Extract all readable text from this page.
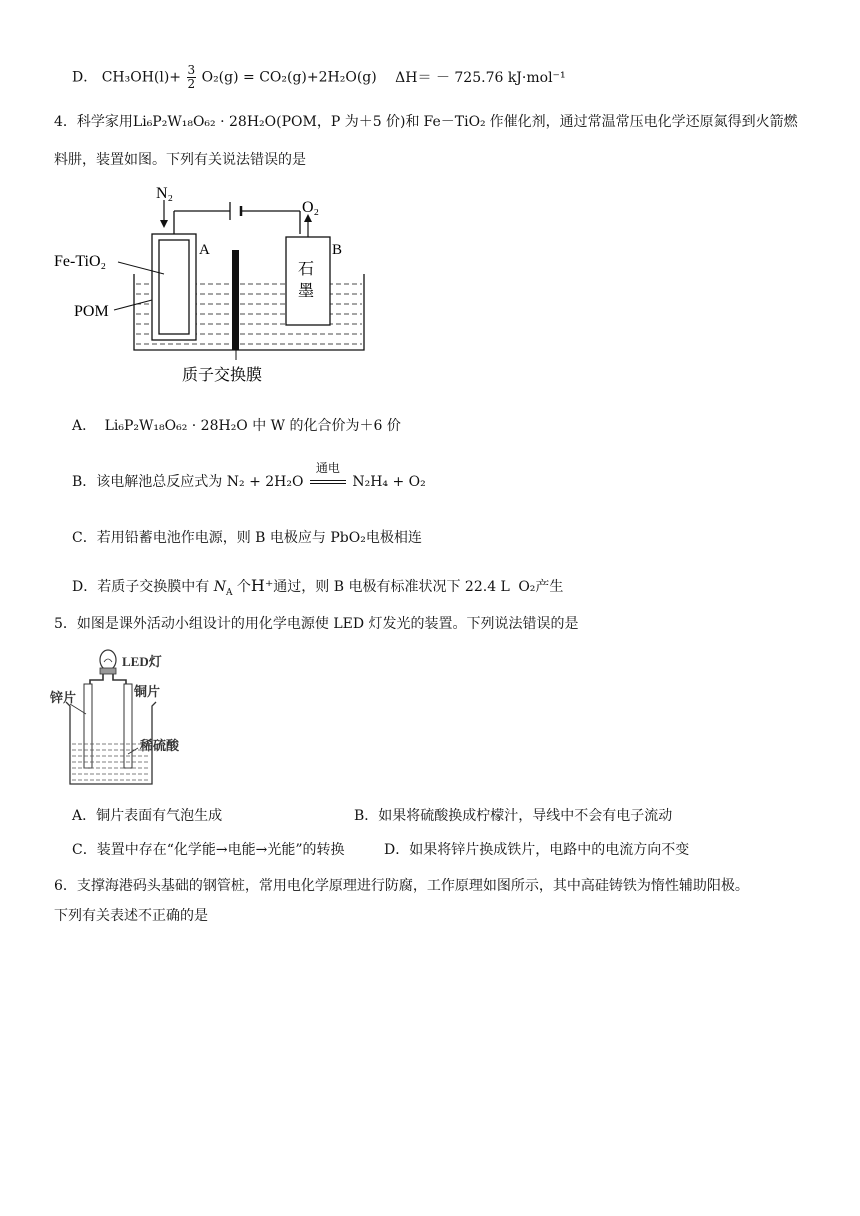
D． $CH_3OH(l)+ \frac{3}{2} O_2(g) = CO_2(g)+2H_2O(g) \Delta H= - 725.76$ kJ·mol⁻¹
4．科学家用Li₆P₂W₁₈O₆₂ · 28H₂O(POM，P 为＋5 价)和 Fe－TiO₂ 作催化剂，通过常温常压电化学还原氮得到火箭燃
料肼，装置如图。下列有关说法错误的是
N₂
O₂
A	B
石
墨
Fe-TiO₂
POM
质子交换膜
A． Li₆P₂W₁₈O₆₂ · 28H₂O 中 W 的化合价为＋6 价
B．该电解池总反应式为 N₂ + 2H₂O
通电
N₂H₄ + O₂
C．若用铅蓄电池作电源，则 B 电极应与 PbO₂电极相连
D．若质子交换膜中有 $N_A$ 个H⁺通过，则 B 电极有标准状况下 22.4 L O₂产生
5．如图是课外活动小组设计的用化学电源使 LED 灯发光的装置。下列说法错误的是
LED灯
锌片	铜片
稀硫酸
A．铜片表面有气泡生成	B．如果将硫酸换成柠檬汁，导线中不会有电子流动
C．装置中存在“化学能→电能→光能”的转换	D．如果将锌片换成铁片，电路中的电流方向不变
6．支撑海港码头基础的钢管桩，常用电化学原理进行防腐，工作原理如图所示，其中高硅铸铁为惰性辅助阳极。
下列有关表述不正确的是
